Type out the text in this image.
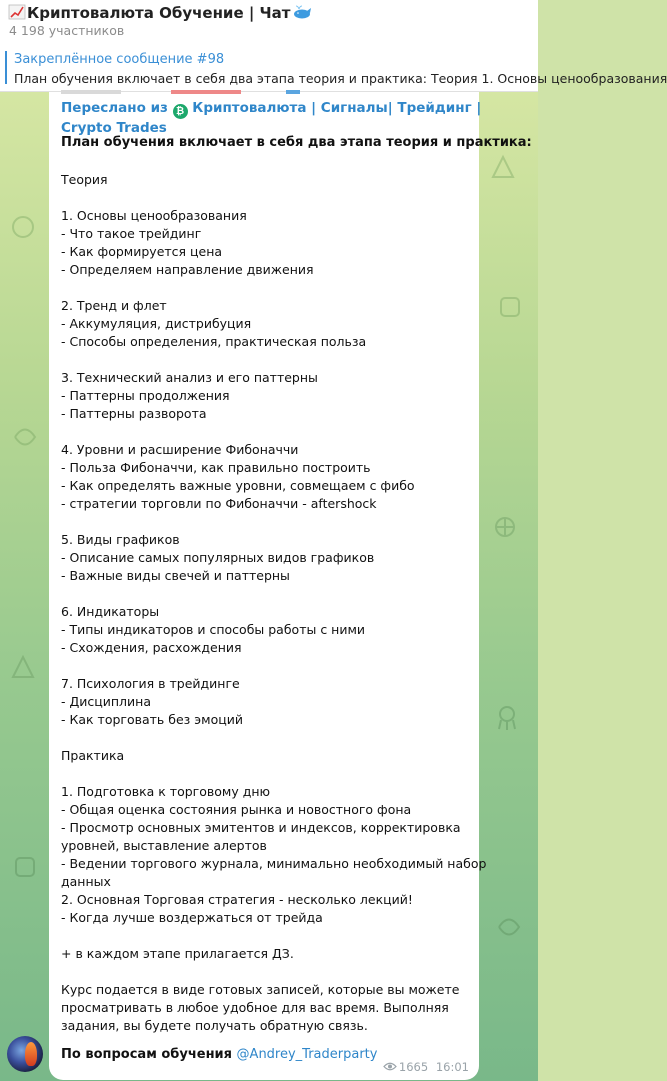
Криптовалюта Обучение | Чат
4 198 участников
Закреплённое сообщение #98
План обучения включает в себя два этапа теория и практика: Теория 1. Основы ценообразования
Переслано из ₿ Криптовалюта | Сигналы| Трейдинг |
Crypto Trades
План обучения включает в себя два этапа теория и практика:
Теория
1. Основы ценообразования
- Что такое трейдинг
- Как формируется цена
- Определяем направление движения
2. Тренд и флет
- Аккумуляция, дистрибуция
- Способы определения, практическая польза
3. Технический анализ и его паттерны
- Паттерны продолжения
- Паттерны разворота
4. Уровни и расширение Фибоначчи
- Польза Фибоначчи, как правильно построить
- Как определять важные уровни, совмещаем с фибо
- стратегии торговли по Фибоначчи - aftershock
5. Виды графиков
- Описание самых популярных видов графиков
- Важные виды свечей и паттерны
6. Индикаторы
- Типы индикаторов и способы работы с ними
- Схождения, расхождения
7. Психология в трейдинге
- Дисциплина
- Как торговать без эмоций
Практика
1. Подготовка к торговому дню
- Общая оценка состояния рынка и новостного фона
- Просмотр основных эмитентов и индексов, корректировка
уровней, выставление алертов
- Ведении торгового журнала, минимально необходимый набор
данных
2. Основная Торговая стратегия - несколько лекций!
- Когда лучше воздержаться от трейда
+ в каждом этапе прилагается ДЗ.
Курс подается в виде готовых записей, которые вы можете
просматривать в любое удобное для вас время. Выполняя
задания, вы будете получать обратную связь.
По вопросам обучения @Andrey_Traderparty
1665 16:01
